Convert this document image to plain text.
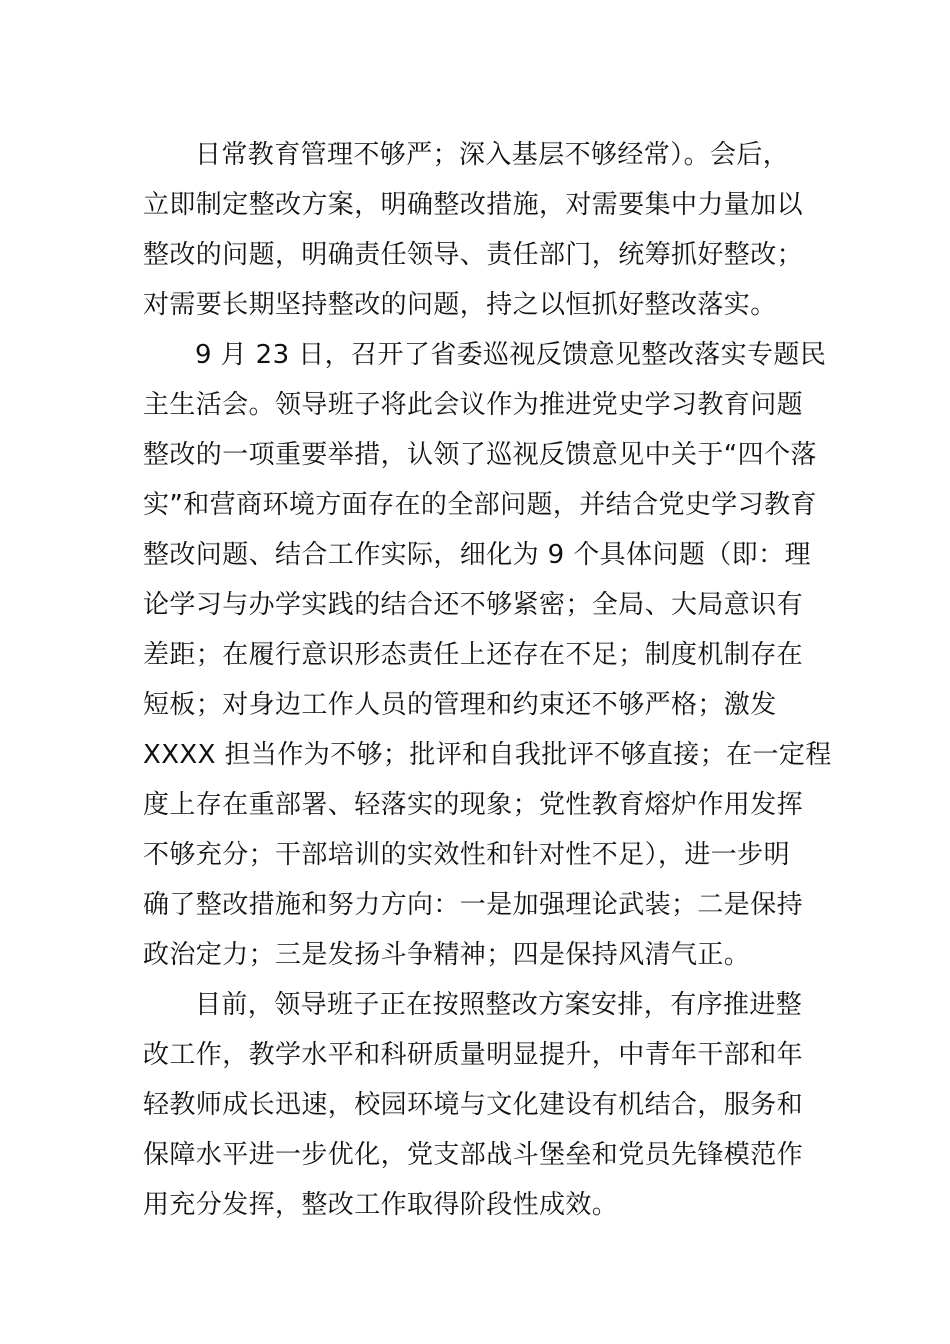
日常教育管理不够严；深入基层不够经常）。会后，
立即制定整改方案，明确整改措施，对需要集中力量加以
整改的问题，明确责任领导、责任部门，统筹抓好整改；
对需要长期坚持整改的问题，持之以恒抓好整改落实。

9 月 23 日，召开了省委巡视反馈意见整改落实专题民
主生活会。领导班子将此会议作为推进党史学习教育问题
整改的一项重要举措，认领了巡视反馈意见中关于“四个落
实”和营商环境方面存在的全部问题，并结合党史学习教育
整改问题、结合工作实际，细化为 9 个具体问题（即：理
论学习与办学实践的结合还不够紧密；全局、大局意识有
差距；在履行意识形态责任上还存在不足；制度机制存在
短板；对身边工作人员的管理和约束还不够严格；激发
XXXX 担当作为不够；批评和自我批评不够直接；在一定程
度上存在重部署、轻落实的现象；党性教育熔炉作用发挥
不够充分；干部培训的实效性和针对性不足），进一步明
确了整改措施和努力方向：一是加强理论武装；二是保持
政治定力；三是发扬斗争精神；四是保持风清气正。

目前，领导班子正在按照整改方案安排，有序推进整
改工作，教学水平和科研质量明显提升，中青年干部和年
轻教师成长迅速，校园环境与文化建设有机结合，服务和
保障水平进一步优化，党支部战斗堡垒和党员先锋模范作
用充分发挥，整改工作取得阶段性成效。
